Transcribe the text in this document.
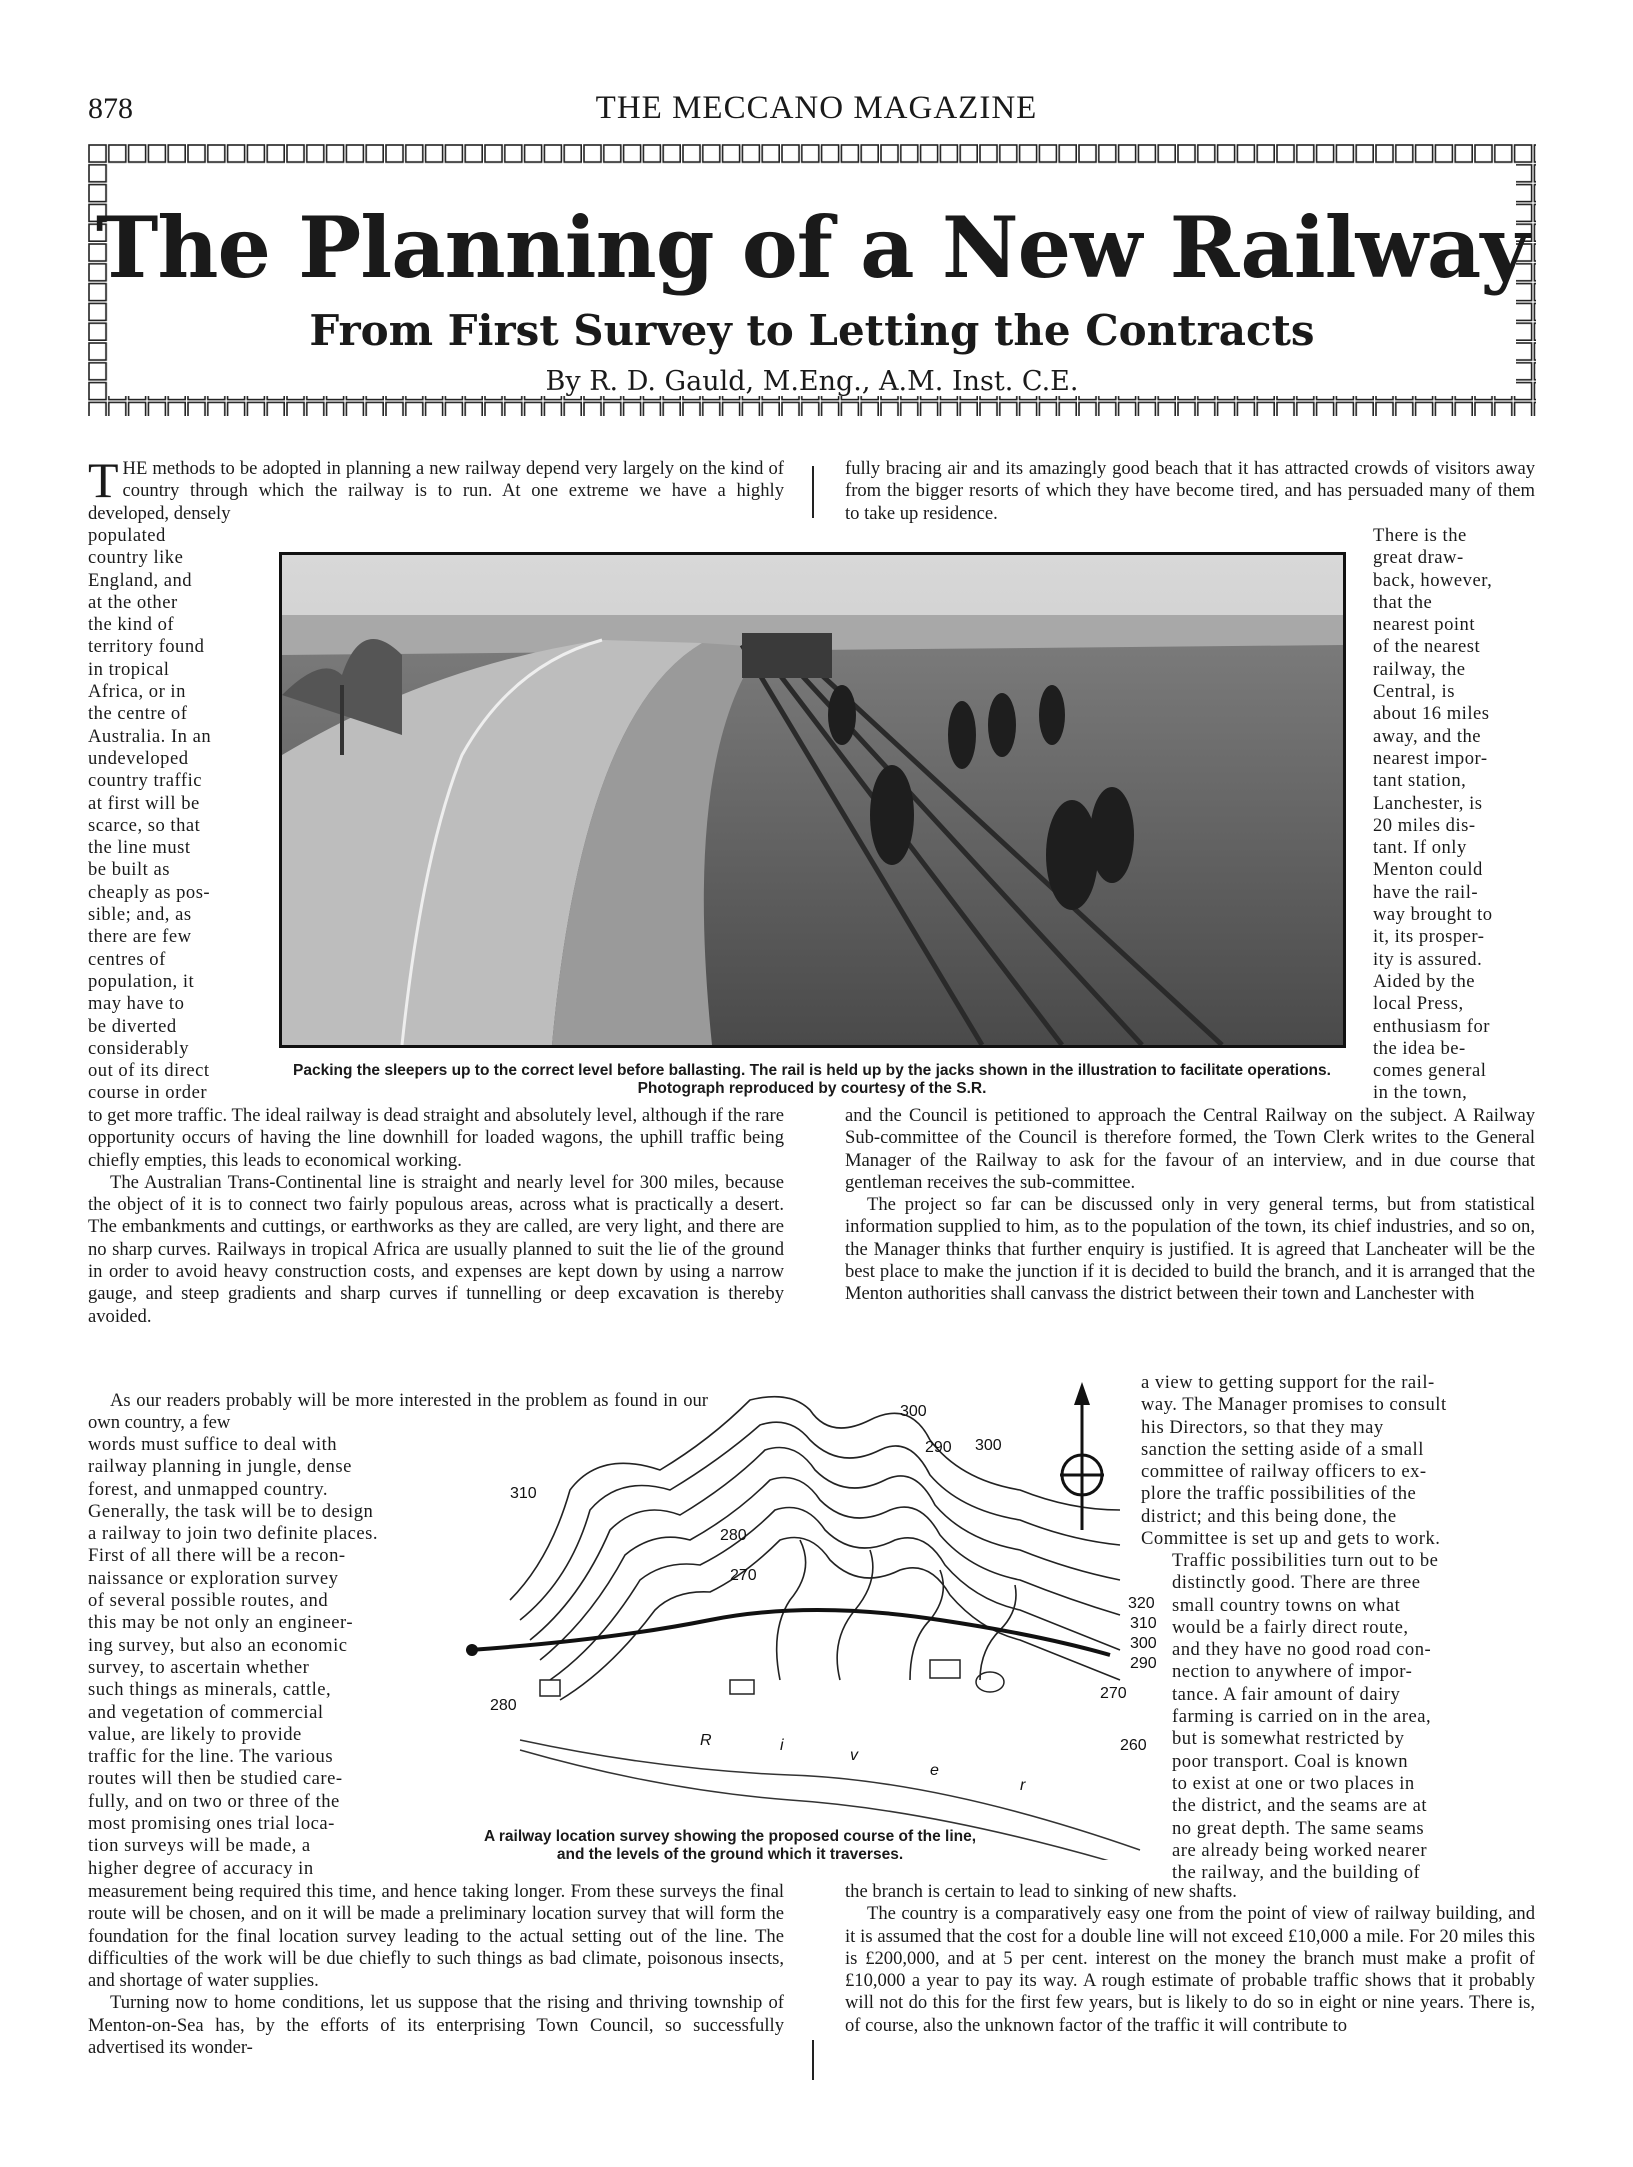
878	THE MECCANO MAGAZINE
The Planning of a New Railway
From First Survey to Letting the Contracts
By R. D. Gauld, M.Eng., A.M. Inst. C.E.
THE methods to be adopted in planning a new railway depend very largely on the kind of country through which the railway is to run. At one extreme we have a highly developed, densely
populated
country like
England, and
at the other
the kind of
territory found
in tropical
Africa, or in
the centre of
Australia. In an
undeveloped
country traffic
at first will be
scarce, so that
the line must
be built as
cheaply as pos-
sible; and, as
there are few
centres of
population, it
may have to
be diverted
considerably
out of its direct
course in order

to get more traffic. The ideal railway is dead straight and absolutely level, although if the rare opportunity occurs of having the line downhill for loaded wagons, the uphill traffic being chiefly empties, this leads to economical working.

The Australian Trans-Continental line is straight and nearly level for 300 miles, because the object of it is to connect two fairly populous areas, across what is practically a desert. The embankments and cuttings, or earthworks as they are called, are very light, and there are no sharp curves. Railways in tropical Africa are usually planned to suit the lie of the ground in order to avoid heavy construction costs, and expenses are kept down by using a narrow gauge, and steep gradients and sharp curves if tunnelling or deep excavation is thereby avoided.

As our readers probably will be more interested in the problem as found in our own country, a few

words must suffice to deal with
railway planning in jungle, dense
forest, and unmapped country.
Generally, the task will be to design
a railway to join two definite places.
First of all there will be a recon-
naissance or exploration survey
of several possible routes, and
this may be not only an engineer-
ing survey, but also an economic
survey, to ascertain whether
such things as minerals, cattle,
and vegetation of commercial
value, are likely to provide
traffic for the line. The various
routes will then be studied care-
fully, and on two or three of the
most promising ones trial loca-
tion surveys will be made, a
higher degree of accuracy in

measurement being required this time, and hence taking longer. From these surveys the final route will be chosen, and on it will be made a preliminary location survey that will form the foundation for the final location survey leading to the actual setting out of the line. The difficulties of the work will be due chiefly to such things as bad climate, poisonous insects, and shortage of water supplies.

Turning now to home conditions, let us suppose that the rising and thriving township of Menton-on-Sea has, by the efforts of its enterprising Town Council, so successfully advertised its wonder-

fully bracing air and its amazingly good beach that it has attracted crowds of visitors away from the bigger resorts of which they have become tired, and has persuaded many of them to take up residence.

There is the
great draw-
back, however,
that the
nearest point
of the nearest
railway, the
Central, is
about 16 miles
away, and the
nearest impor-
tant station,
Lanchester, is
20 miles dis-
tant. If only
Menton could
have the rail-
way brought to
it, its prosper-
ity is assured.
Aided by the
local Press,
enthusiasm for
the idea be-
comes general
in the town,

and the Council is petitioned to approach the Central Railway on the subject. A Railway Sub-committee of the Council is therefore formed, the Town Clerk writes to the General Manager of the Railway to ask for the favour of an interview, and in due course that gentleman receives the sub-committee.

The project so far can be discussed only in very general terms, but from statistical information supplied to him, as to the population of the town, its chief industries, and so on, the Manager thinks that further enquiry is justified. It is agreed that Lancheater will be the best place to make the junction if it is decided to build the branch, and it is arranged that the Menton authorities shall canvass the district between their town and Lanchester with

a view to getting support for the rail-
way. The Manager promises to consult
his Directors, so that they may
sanction the setting aside of a small
committee of railway officers to ex-
plore the traffic possibilities of the
district; and this being done, the
Committee is set up and gets to work.
Traffic possibilities turn out to be
distinctly good. There are three
small country towns on what
would be a fairly direct route,
and they have no good road con-
nection to anywhere of impor-
tance. A fair amount of dairy
farming is carried on in the area,
but is somewhat restricted by
poor transport. Coal is known
to exist at one or two places in
the district, and the seams are at
no great depth. The same seams
are already being worked nearer
the railway, and the building of

the branch is certain to lead to sinking of new shafts.

The country is a comparatively easy one from the point of view of railway building, and it is assumed that the cost for a double line will not exceed £10,000 a mile. For 20 miles this is £200,000, and at 5 per cent. interest on the money the branch must make a profit of £10,000 a year to pay its way. A rough estimate of probable traffic shows that it probably will not do this for the first few years, but is likely to do so in eight or nine years. There is, of course, also the unknown factor of the traffic it will contribute to

Packing the sleepers up to the correct level before ballasting. The rail is held up by the jacks shown in the illustration to facilitate operations. Photograph reproduced by courtesy of the S.R.
300
290 300
310
280
270
320
310
300
290
270
260
280
R	i
v
e
r
A railway location survey showing the proposed course of the line, and the levels of the ground which it traverses.
